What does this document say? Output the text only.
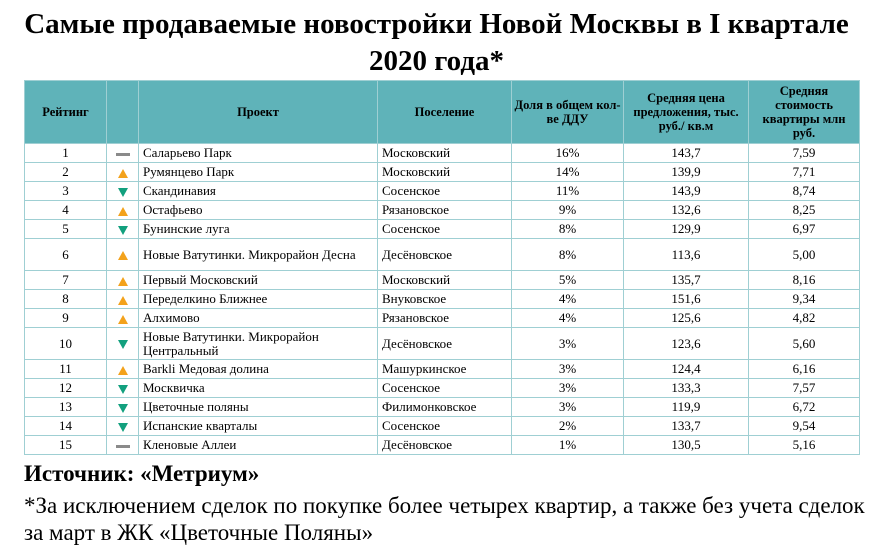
Самые продаваемые новостройки Новой Москвы в I квартале 2020 года*
Рейтинг		Проект	Поселение	Доля в общем кол-ве ДДУ	Средняя цена предложения, тыс. руб./ кв.м	Средняя стоимость квартиры млн руб.
1		Саларьево Парк	Московский	16%	143,7	7,59
2		Румянцево Парк	Московский	14%	139,9	7,71
3		Скандинавия	Сосенское	11%	143,9	8,74
4		Остафьево	Рязановское	9%	132,6	8,25
5		Бунинские луга	Сосенское	8%	129,9	6,97
6		Новые Ватутинки. Микрорайон Десна	Десёновское	8%	113,6	5,00
7		Первый Московский	Московский	5%	135,7	8,16
8		Переделкино Ближнее	Внуковское	4%	151,6	9,34
9		Алхимово	Рязановское	4%	125,6	4,82
10		Новые Ватутинки. Микрорайон Центральный	Десёновское	3%	123,6	5,60
11		Barkli Медовая долина	Машуркинское	3%	124,4	6,16
12		Москвичка	Сосенское	3%	133,3	7,57
13		Цветочные поляны	Филимонковское	3%	119,9	6,72
14		Испанские кварталы	Сосенское	2%	133,7	9,54
15		Кленовые Аллеи	Десёновское	1%	130,5	5,16
Источник: «Метриум»
*За исключением сделок по покупке более четырех квартир, а также без учета сделок за март в ЖК «Цветочные Поляны»
